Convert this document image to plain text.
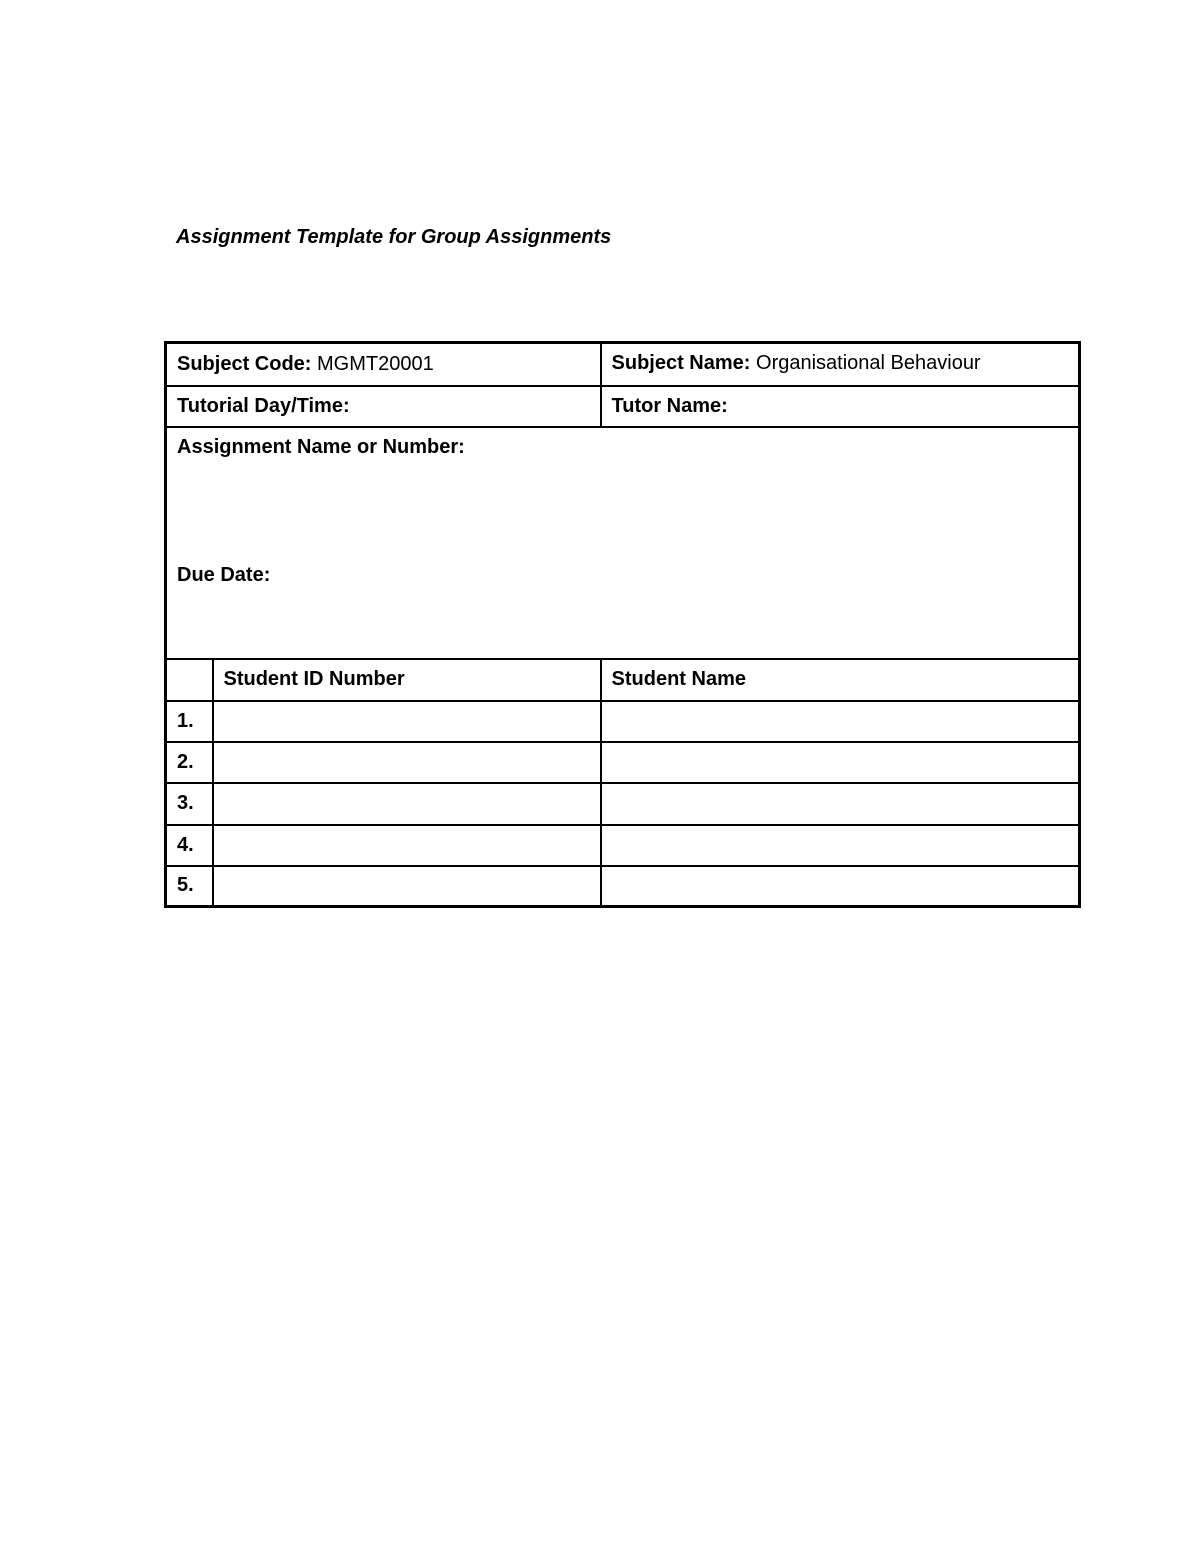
Assignment Template for Group Assignments
Subject Code: MGMT20001		Subject Name: Organisational Behaviour
Tutorial Day/Time:		Tutor Name:
Assignment Name or Number:
Due Date:		

	Student ID Number	Student Name
1.		
2.		
3.		
4.		
5.		
